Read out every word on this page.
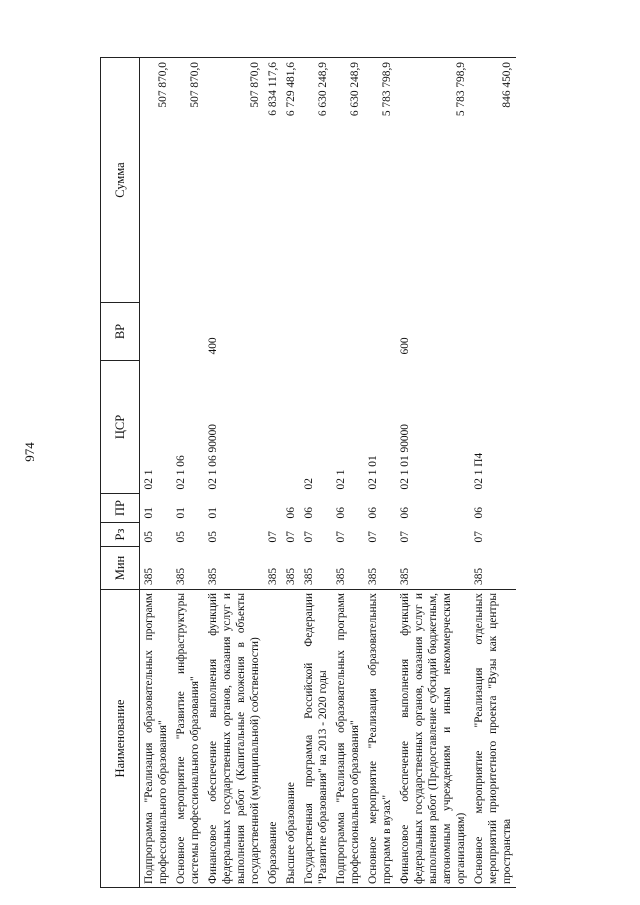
974
Наименование	Мин	Рз	ПР	ЦСР	ВР	Сумма
Подпрограмма "Реализация образовательных программ профессионального образования"	385	05	01	02 1		507 870,0
Основное мероприятие "Развитие инфраструктуры системы профессионального образования"	385	05	01	02 1 06		507 870,0
Финансовое обеспечение выполнения функций федеральных государственных органов, оказания услуг и выполнения работ (Капитальные вложения в объекты государственной (муниципальной) собственности)	385	05	01	02 1 06 90000	400	507 870,0
Образование	385	07				6 834 117,6
Высшее образование	385	07	06			6 729 481,6
Государственная программа Российской Федерации "Развитие образования" на 2013 - 2020 годы	385	07	06	02		6 630 248,9
Подпрограмма "Реализация образовательных программ профессионального образования"	385	07	06	02 1		6 630 248,9
Основное мероприятие "Реализация образовательных программ в вузах"	385	07	06	02 1 01		5 783 798,9
Финансовое обеспечение выполнения функций федеральных государственных органов, оказания услуг и выполнения работ (Предоставление субсидий бюджетным, автономным учреждениям и иным некоммерческим организациям)	385	07	06	02 1 01 90000	600	5 783 798,9
Основное мероприятие "Реализация отдельных мероприятий приоритетного проекта "Вузы как центры пространства	385	07	06	02 1 П4		846 450,0
